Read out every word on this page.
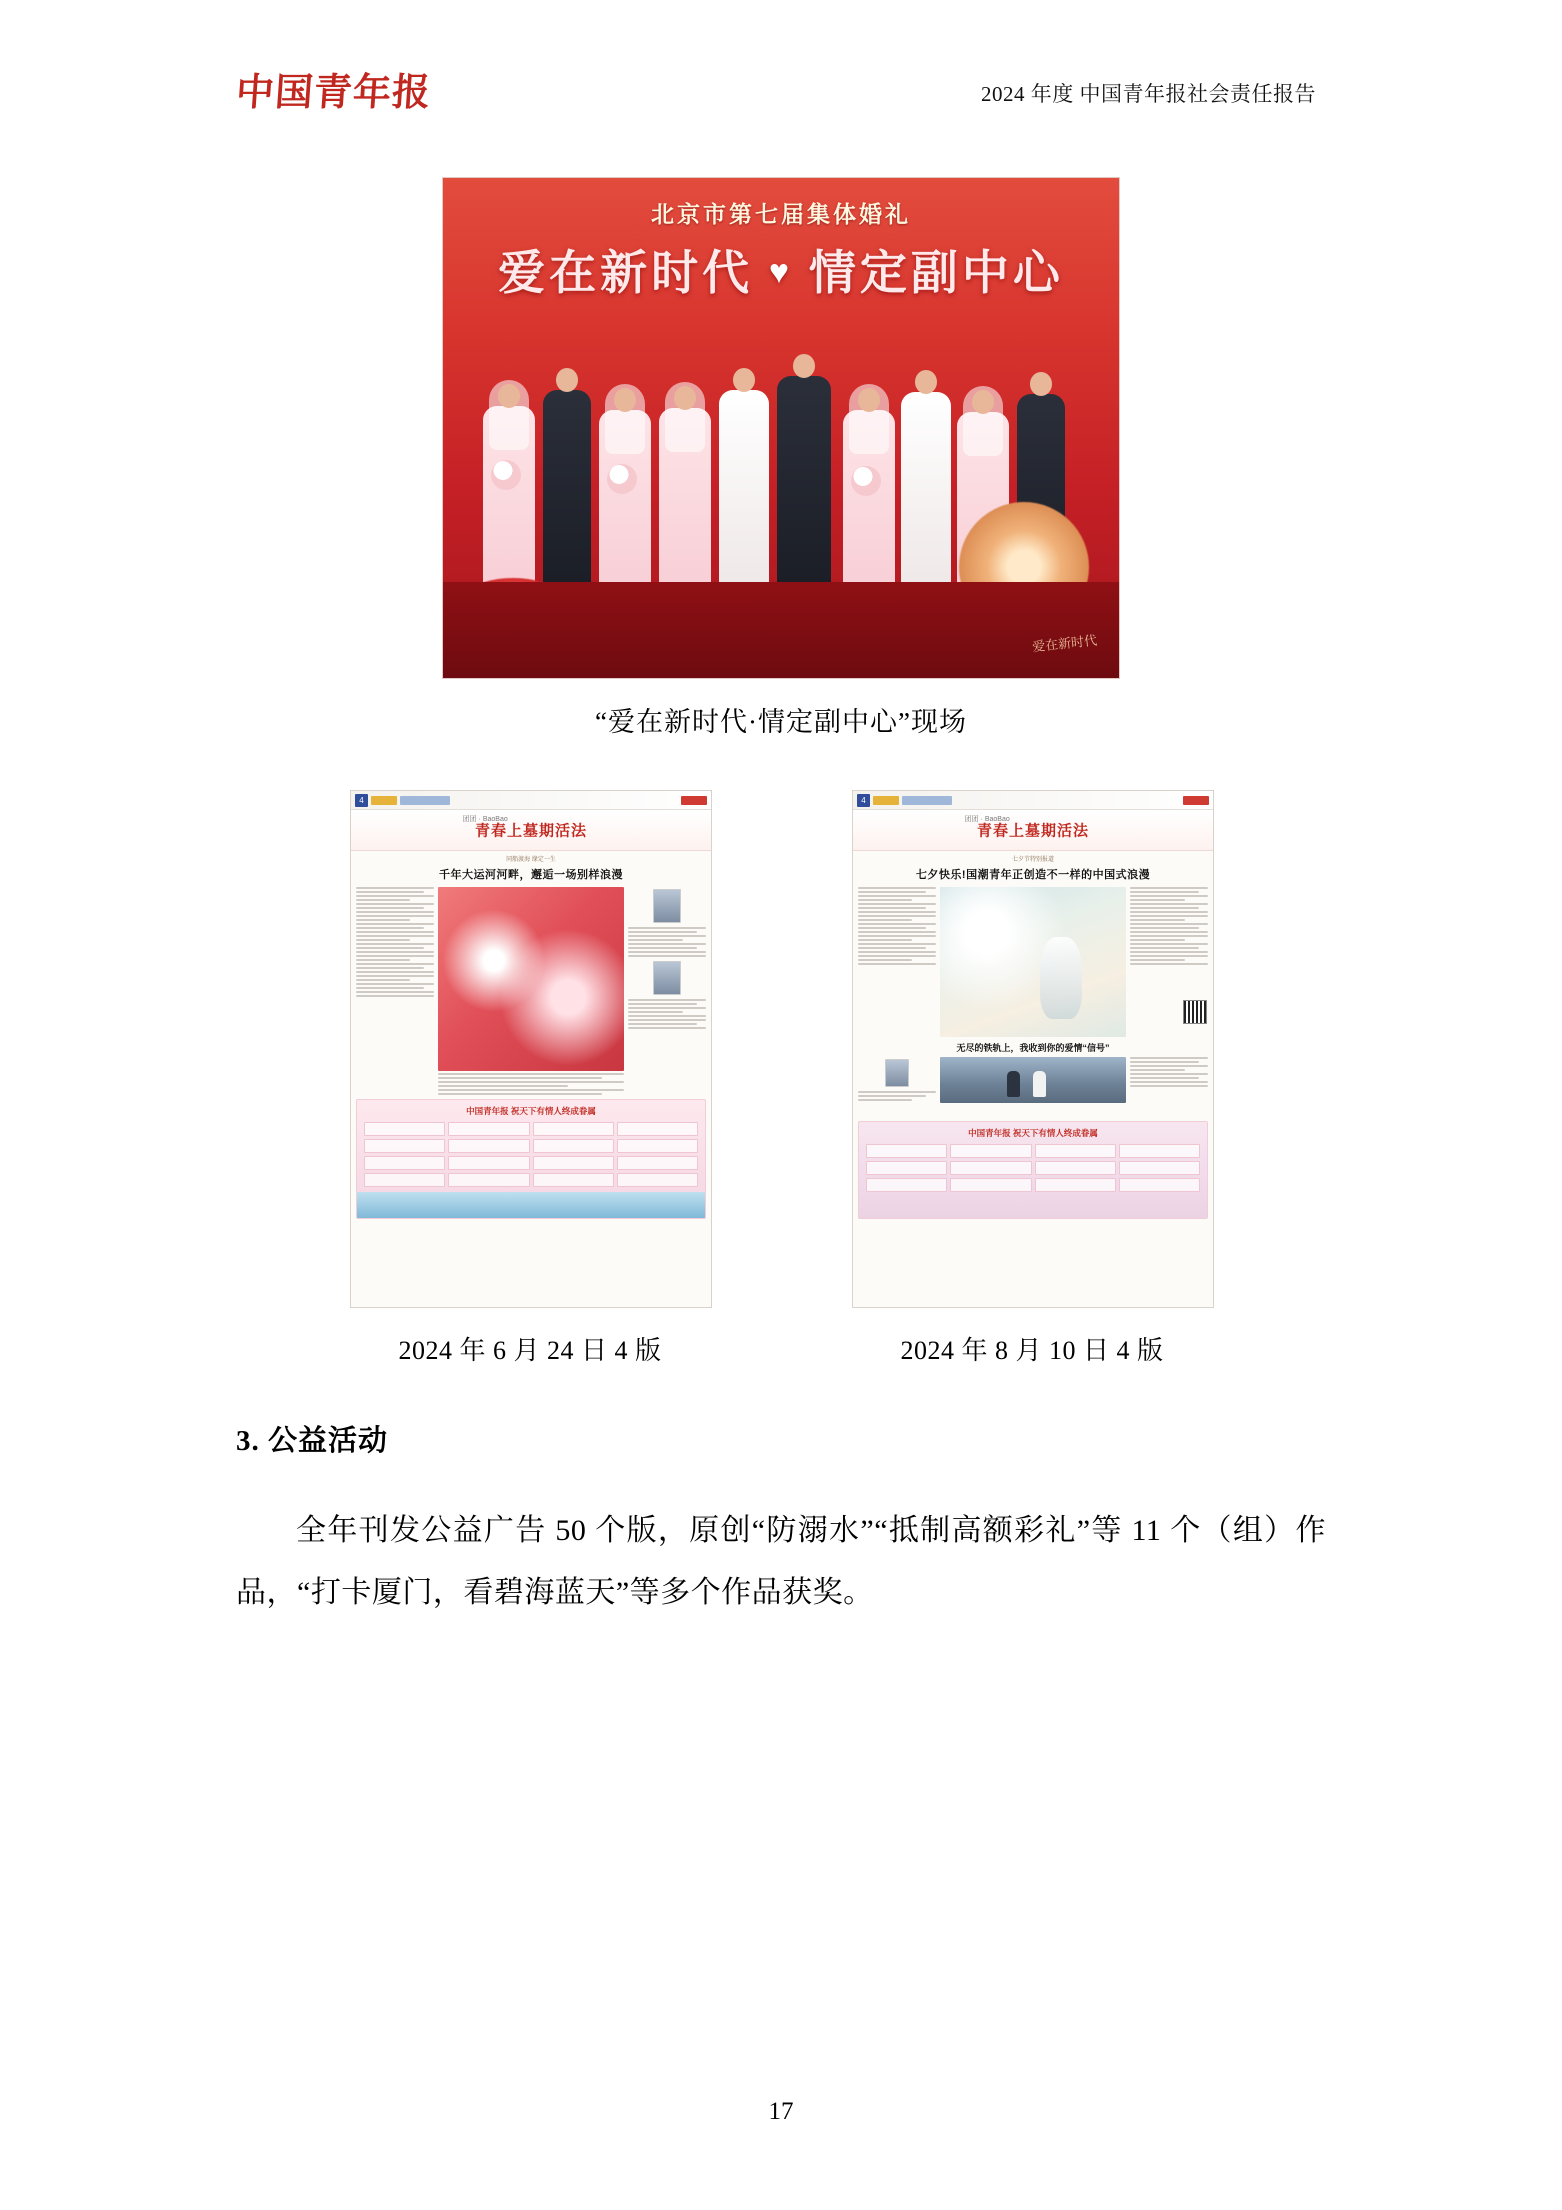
中国青年报	2024 年度 中国青年报社会责任报告
北京市第七届集体婚礼
爱在新时代 ♥ 情定副中心
爱在新时代
“爱在新时代·情定副中心”现场
4
团团 · BaoBao
青春上墓期活法
同船渡海 缘定一生
千年大运河河畔，邂逅一场别样浪漫
中国青年报 祝天下有情人终成眷属
2024 年 6 月 24 日 4 版
4
团团 · BaoBao
青春上墓期活法
七夕节特别报道
七夕快乐!国潮青年正创造不一样的中国式浪漫
无尽的铁轨上，我收到你的爱情“信号”
中国青年报 祝天下有情人终成眷属
2024 年 8 月 10 日 4 版
3. 公益活动

全年刊发公益广告 50 个版，原创“防溺水”“抵制高额彩礼”等 11 个（组）作品，“打卡厦门，看碧海蓝天”等多个作品获奖。

17
